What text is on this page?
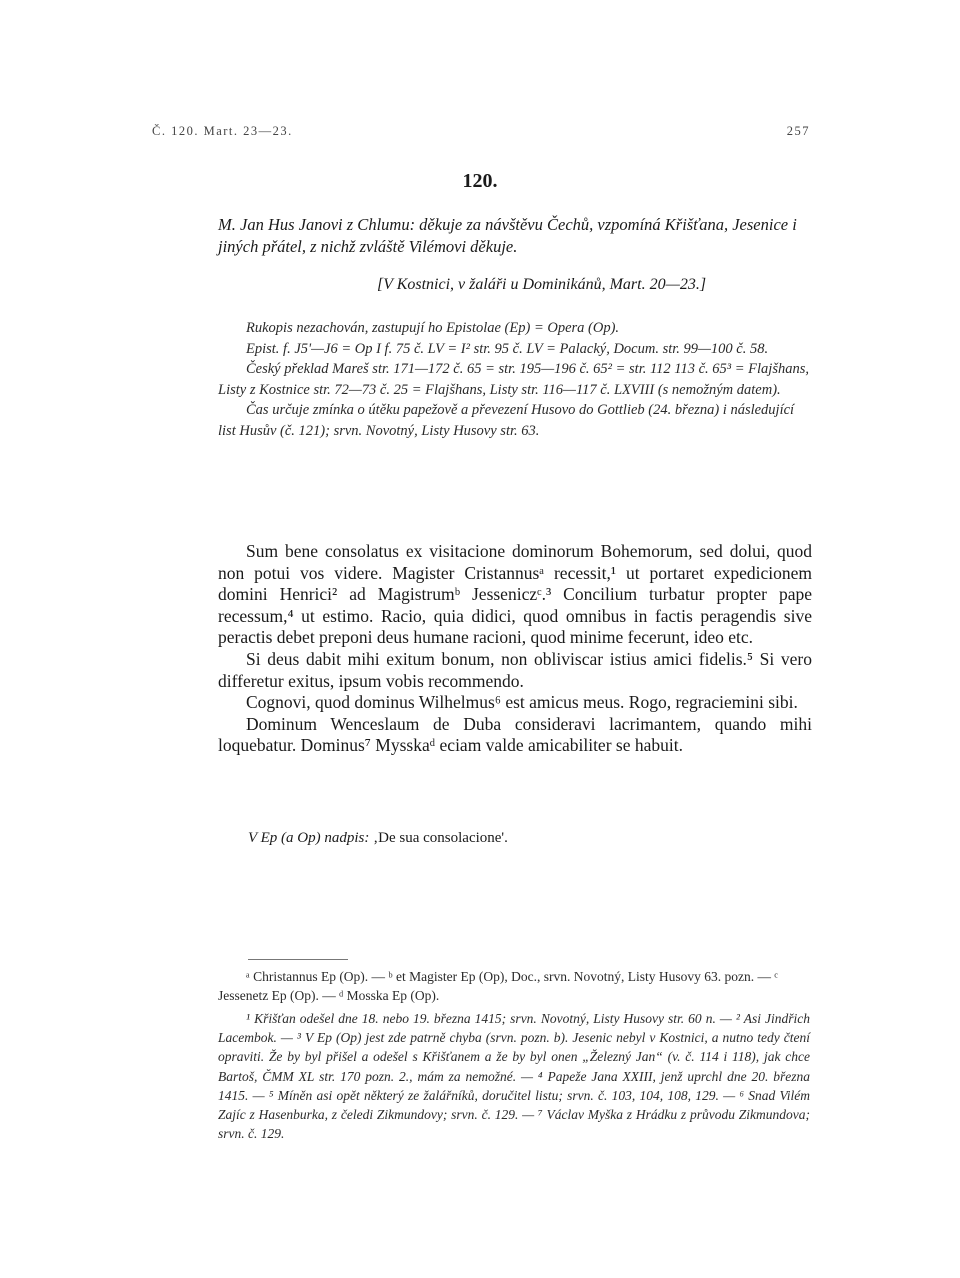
Č. 120. Mart. 23—23.	257
120.

M. Jan Hus Janovi z Chlumu: děkuje za návštěvu Čechů, vzpomíná Křišťana, Jesenice i jiných přátel, z nichž zvláště Vilémovi děkuje.

[V Kostnici, v žaláři u Dominikánů, Mart. 20—23.]

Rukopis nezachován, zastupují ho Epistolae (Ep) = Opera (Op).

Epist. f. J5'—J6 = Op I f. 75 č. LV = I² str. 95 č. LV = Palacký, Docum. str. 99—100 č. 58.

Český překlad Mareš str. 171—172 č. 65 = str. 195—196 č. 65² = str. 112 113 č. 65³ = Flajšhans, Listy z Kostnice str. 72—73 č. 25 = Flajšhans, Listy str. 116—117 č. LXVIII (s nemožným datem).

Čas určuje zmínka o útěku papežově a převezení Husovo do Gottlieb (24. března) i následující list Husův (č. 121); srvn. Novotný, Listy Husovy str. 63.

Sum bene consolatus ex visitacione dominorum Bohemorum, sed dolui, quod non potui vos videre. Magister Cristannusᵃ recessit,¹ ut portaret expedicionem domini Henrici² ad Magistrumᵇ Jesseniczᶜ.³ Concilium turbatur propter pape recessum,⁴ ut estimo. Racio, quia didici, quod omnibus in factis peragendis sive peractis debet preponi deus humane racioni, quod minime fecerunt, ideo etc.

Si deus dabit mihi exitum bonum, non obliviscar istius amici fidelis.⁵ Si vero differetur exitus, ipsum vobis recommendo.

Cognovi, quod dominus Wilhelmus⁶ est amicus meus. Rogo, regraciemini sibi.

Dominum Wenceslaum de Duba consideravi lacrimantem, quando mihi loquebatur. Dominus⁷ Mysskaᵈ eciam valde amicabiliter se habuit.

V Ep (a Op) nadpis: ‚De sua consolacione'.

ᵃ Christannus Ep (Op). — ᵇ et Magister Ep (Op), Doc., srvn. Novotný, Listy Husovy 63. pozn. — ᶜ Jessenetz Ep (Op). — ᵈ Mosska Ep (Op).

¹ Křišťan odešel dne 18. nebo 19. března 1415; srvn. Novotný, Listy Husovy str. 60 n. — ² Asi Jindřich Lacembok. — ³ V Ep (Op) jest zde patrně chyba (srvn. pozn. b). Jesenic nebyl v Kostnici, a nutno tedy čtení opraviti. Že by byl přišel a odešel s Křišťanem a že by byl onen „Železný Jan“ (v. č. 114 i 118), jak chce Bartoš, ČMM XL str. 170 pozn. 2., mám za nemožné. — ⁴ Papeže Jana XXIII, jenž uprchl dne 20. března 1415. — ⁵ Míněn asi opět některý ze žalářníků, doručitel listu; srvn. č. 103, 104, 108, 129. — ⁶ Snad Vilém Zajíc z Hasenburka, z čeledi Zikmundovy; srvn. č. 129. — ⁷ Václav Myška z Hrádku z průvodu Zikmundova; srvn. č. 129.
